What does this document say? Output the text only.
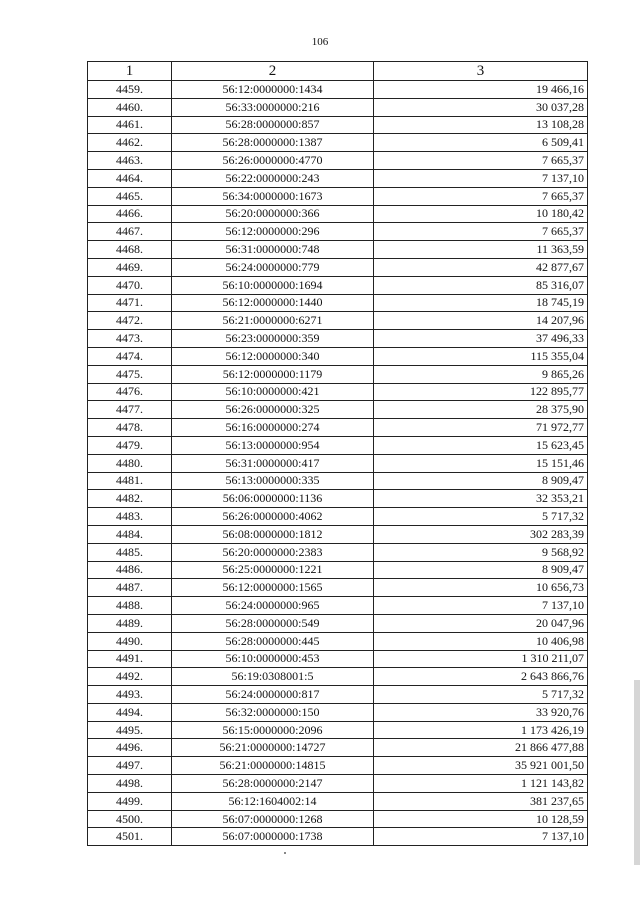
106
1	2	3
4459.	56:12:0000000:1434	19 466,16
4460.	56:33:0000000:216	30 037,28
4461.	56:28:0000000:857	13 108,28
4462.	56:28:0000000:1387	6 509,41
4463.	56:26:0000000:4770	7 665,37
4464.	56:22:0000000:243	7 137,10
4465.	56:34:0000000:1673	7 665,37
4466.	56:20:0000000:366	10 180,42
4467.	56:12:0000000:296	7 665,37
4468.	56:31:0000000:748	11 363,59
4469.	56:24:0000000:779	42 877,67
4470.	56:10:0000000:1694	85 316,07
4471.	56:12:0000000:1440	18 745,19
4472.	56:21:0000000:6271	14 207,96
4473.	56:23:0000000:359	37 496,33
4474.	56:12:0000000:340	115 355,04
4475.	56:12:0000000:1179	9 865,26
4476.	56:10:0000000:421	122 895,77
4477.	56:26:0000000:325	28 375,90
4478.	56:16:0000000:274	71 972,77
4479.	56:13:0000000:954	15 623,45
4480.	56:31:0000000:417	15 151,46
4481.	56:13:0000000:335	8 909,47
4482.	56:06:0000000:1136	32 353,21
4483.	56:26:0000000:4062	5 717,32
4484.	56:08:0000000:1812	302 283,39
4485.	56:20:0000000:2383	9 568,92
4486.	56:25:0000000:1221	8 909,47
4487.	56:12:0000000:1565	10 656,73
4488.	56:24:0000000:965	7 137,10
4489.	56:28:0000000:549	20 047,96
4490.	56:28:0000000:445	10 406,98
4491.	56:10:0000000:453	1 310 211,07
4492.	56:19:0308001:5	2 643 866,76
4493.	56:24:0000000:817	5 717,32
4494.	56:32:0000000:150	33 920,76
4495.	56:15:0000000:2096	1 173 426,19
4496.	56:21:0000000:14727	21 866 477,88
4497.	56:21:0000000:14815	35 921 001,50
4498.	56:28:0000000:2147	1 121 143,82
4499.	56:12:1604002:14	381 237,65
4500.	56:07:0000000:1268	10 128,59
4501.	56:07:0000000:1738	7 137,10
